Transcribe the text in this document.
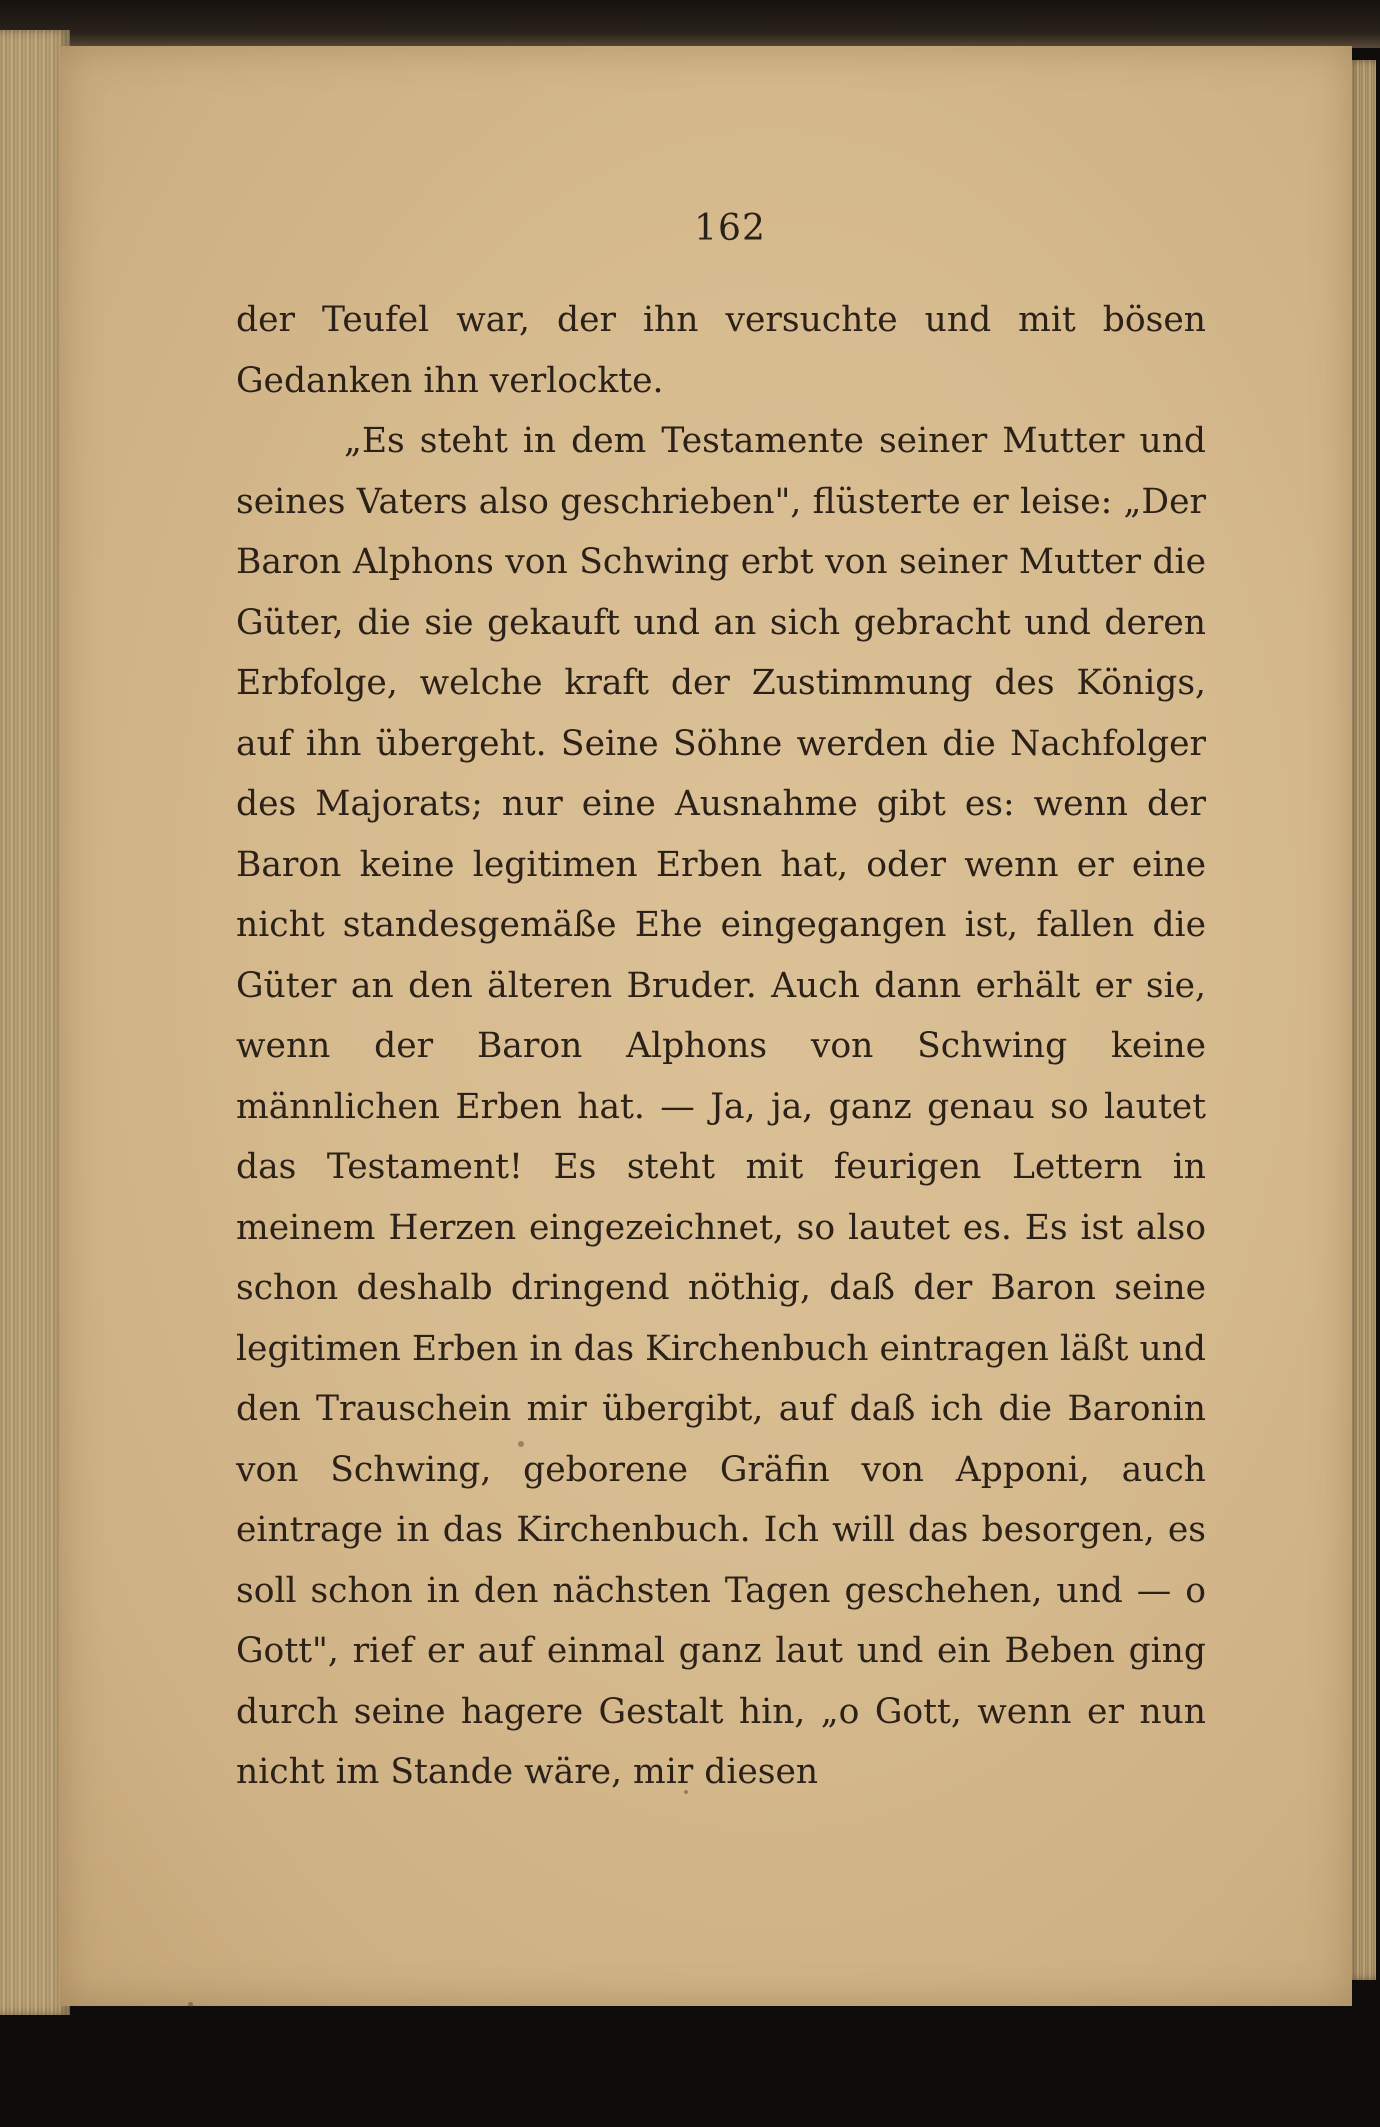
162

der Teufel war, der ihn versuchte und mit bösen Gedanken ihn verlockte.

„Es steht in dem Testamente seiner Mutter und seines Vaters also geschrieben", flüsterte er leise: „Der Baron Alphons von Schwing erbt von seiner Mutter die Güter, die sie gekauft und an sich gebracht und deren Erbfolge, welche kraft der Zustimmung des Königs, auf ihn übergeht. Seine Söhne werden die Nachfolger des Majorats; nur eine Ausnahme gibt es: wenn der Baron keine legitimen Erben hat, oder wenn er eine nicht standesgemäße Ehe eingegangen ist, fallen die Güter an den älteren Bruder. Auch dann erhält er sie, wenn der Baron Alphons von Schwing keine männlichen Erben hat. — Ja, ja, ganz genau so lautet das Testament! Es steht mit feurigen Lettern in meinem Herzen eingezeichnet, so lautet es. Es ist also schon deshalb dringend nöthig, daß der Baron seine legitimen Erben in das Kirchenbuch eintragen läßt und den Trauschein mir übergibt, auf daß ich die Baronin von Schwing, geborene Gräfin von Apponi, auch eintrage in das Kirchenbuch. Ich will das besorgen, es soll schon in den nächsten Tagen geschehen, und — o Gott", rief er auf einmal ganz laut und ein Beben ging durch seine hagere Gestalt hin, „o Gott, wenn er nun nicht im Stande wäre, mir diesen
